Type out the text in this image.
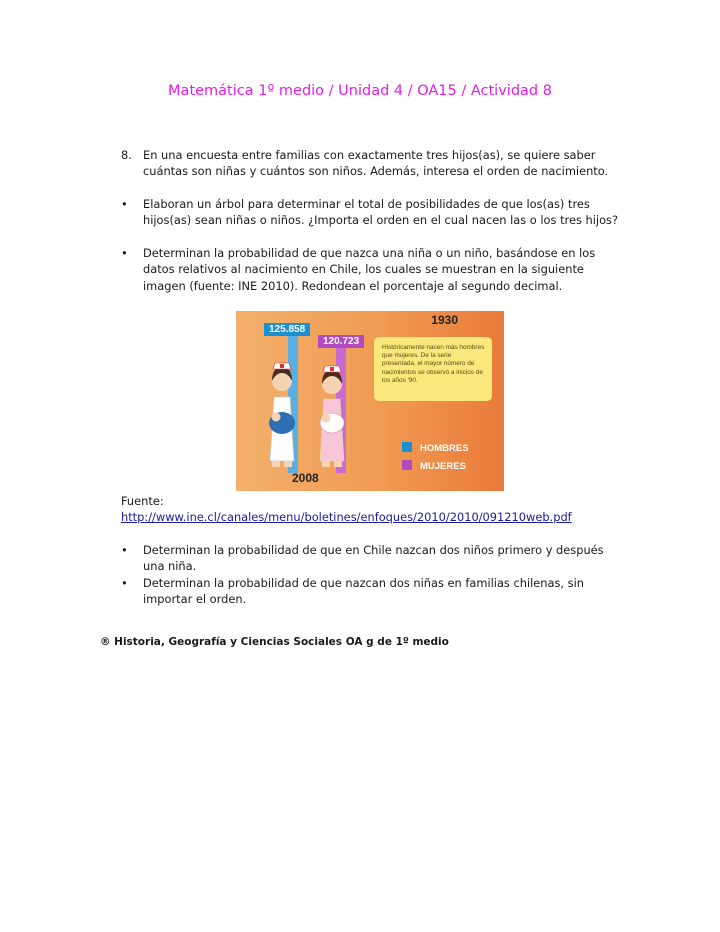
Matemática 1º medio / Unidad 4 / OA15 / Actividad 8
8. En una encuesta entre familias con exactamente tres hijos(as), se quiere saber cuántas son niñas y cuántos son niños. Además, interesa el orden de nacimiento.
• Elaboran un árbol para determinar el total de posibilidades de que los(as) tres hijos(as) sean niñas o niños. ¿Importa el orden en el cual nacen las o los tres hijos?
• Determinan la probabilidad de que nazca una niña o un niño, basándose en los datos relativos al nacimiento en Chile, los cuales se muestran en la siguiente imagen (fuente: INE 2010). Redondean el porcentaje al segundo decimal.
1930
125.858
120.723
Históricamente nacen más hombres que mujeres. De la serie presentada, el mayor número de nacimientos se observó a inicios de los años '90.
HOMBRES
MUJERES
2008
Fuente:
http://www.ine.cl/canales/menu/boletines/enfoques/2010/2010/091210web.pdf
• Determinan la probabilidad de que en Chile nazcan dos niños primero y después una niña.
• Determinan la probabilidad de que nazcan dos niñas en familias chilenas, sin importar el orden.
® Historia, Geografía y Ciencias Sociales OA g de 1º medio
